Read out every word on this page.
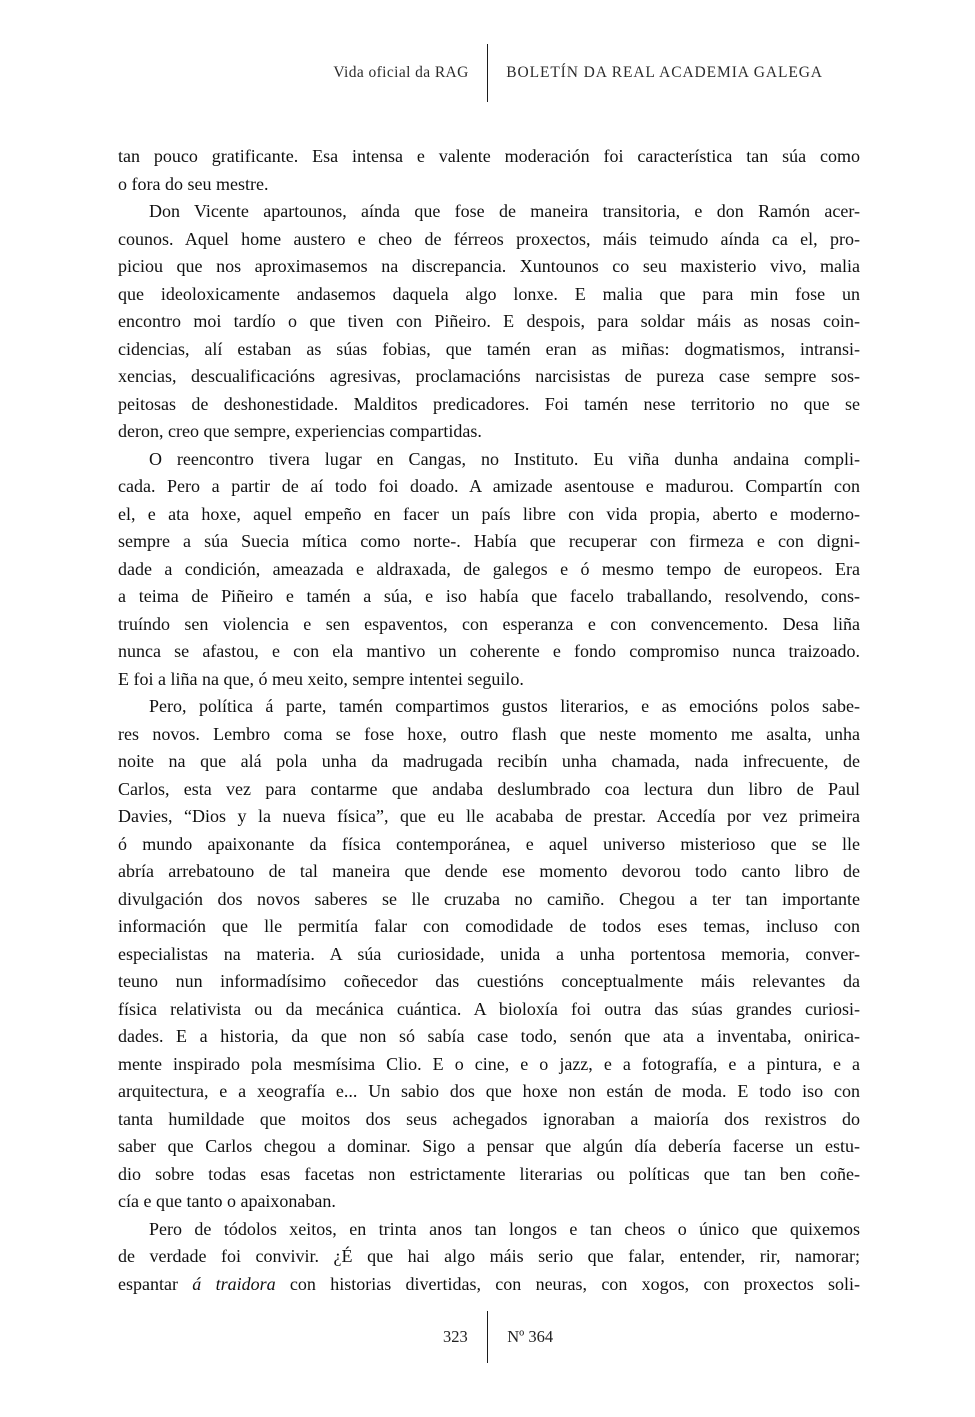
Vida oficial da RAG	BOLETÍN DA REAL ACADEMIA GALEGA
tan pouco gratificante. Esa intensa e valente moderación foi característica tan súa como
o fora do seu mestre.
Don Vicente apartounos, aínda que fose de maneira transitoria, e don Ramón acer-
counos. Aquel home austero e cheo de férreos proxectos, máis teimudo aínda ca el, pro-
piciou que nos aproximasemos na discrepancia. Xuntounos co seu maxisterio vivo, malia
que ideoloxicamente andasemos daquela algo lonxe. E malia que para min fose un
encontro moi tardío o que tiven con Piñeiro. E despois, para soldar máis as nosas coin-
cidencias, alí estaban as súas fobias, que tamén eran as miñas: dogmatismos, intransi-
xencias, descualificacións agresivas, proclamacións narcisistas de pureza case sempre sos-
peitosas de deshonestidade. Malditos predicadores. Foi tamén nese territorio no que se
deron, creo que sempre, experiencias compartidas.
O reencontro tivera lugar en Cangas, no Instituto. Eu viña dunha andaina compli-
cada. Pero a partir de aí todo foi doado. A amizade asentouse e madurou. Compartín con
el, e ata hoxe, aquel empeño en facer un país libre con vida propia, aberto e moderno-
sempre a súa Suecia mítica como norte-. Había que recuperar con firmeza e con digni-
dade a condición, ameazada e aldraxada, de galegos e ó mesmo tempo de europeos. Era
a teima de Piñeiro e tamén a súa, e iso había que facelo traballando, resolvendo, cons-
truíndo sen violencia e sen espaventos, con esperanza e con convencemento. Desa liña
nunca se afastou, e con ela mantivo un coherente e fondo compromiso nunca traizoado.
E foi a liña na que, ó meu xeito, sempre intentei seguilo.
Pero, política á parte, tamén compartimos gustos literarios, e as emocións polos sabe-
res novos. Lembro coma se fose hoxe, outro flash que neste momento me asalta, unha
noite na que alá pola unha da madrugada recibín unha chamada, nada infrecuente, de
Carlos, esta vez para contarme que andaba deslumbrado coa lectura dun libro de Paul
Davies, “Dios y la nueva física”, que eu lle acababa de prestar. Accedía por vez primeira
ó mundo apaixonante da física contemporánea, e aquel universo misterioso que se lle
abría arrebatouno de tal maneira que dende ese momento devorou todo canto libro de
divulgación dos novos saberes se lle cruzaba no camiño. Chegou a ter tan importante
información que lle permitía falar con comodidade de todos eses temas, incluso con
especialistas na materia. A súa curiosidade, unida a unha portentosa memoria, conver-
teuno nun informadísimo coñecedor das cuestións conceptualmente máis relevantes da
física relativista ou da mecánica cuántica. A bioloxía foi outra das súas grandes curiosi-
dades. E a historia, da que non só sabía case todo, senón que ata a inventaba, onirica-
mente inspirado pola mesmísima Clio. E o cine, e o jazz, e a fotografía, e a pintura, e a
arquitectura, e a xeografía e... Un sabio dos que hoxe non están de moda. E todo iso con
tanta humildade que moitos dos seus achegados ignoraban a maioría dos rexistros do
saber que Carlos chegou a dominar. Sigo a pensar que algún día debería facerse un estu-
dio sobre todas esas facetas non estrictamente literarias ou políticas que tan ben coñe-
cía e que tanto o apaixonaban.
Pero de tódolos xeitos, en trinta anos tan longos e tan cheos o único que quixemos
de verdade foi convivir. ¿É que hai algo máis serio que falar, entender, rir, namorar;
espantar á traidora con historias divertidas, con neuras, con xogos, con proxectos soli-
323	Nº 364
